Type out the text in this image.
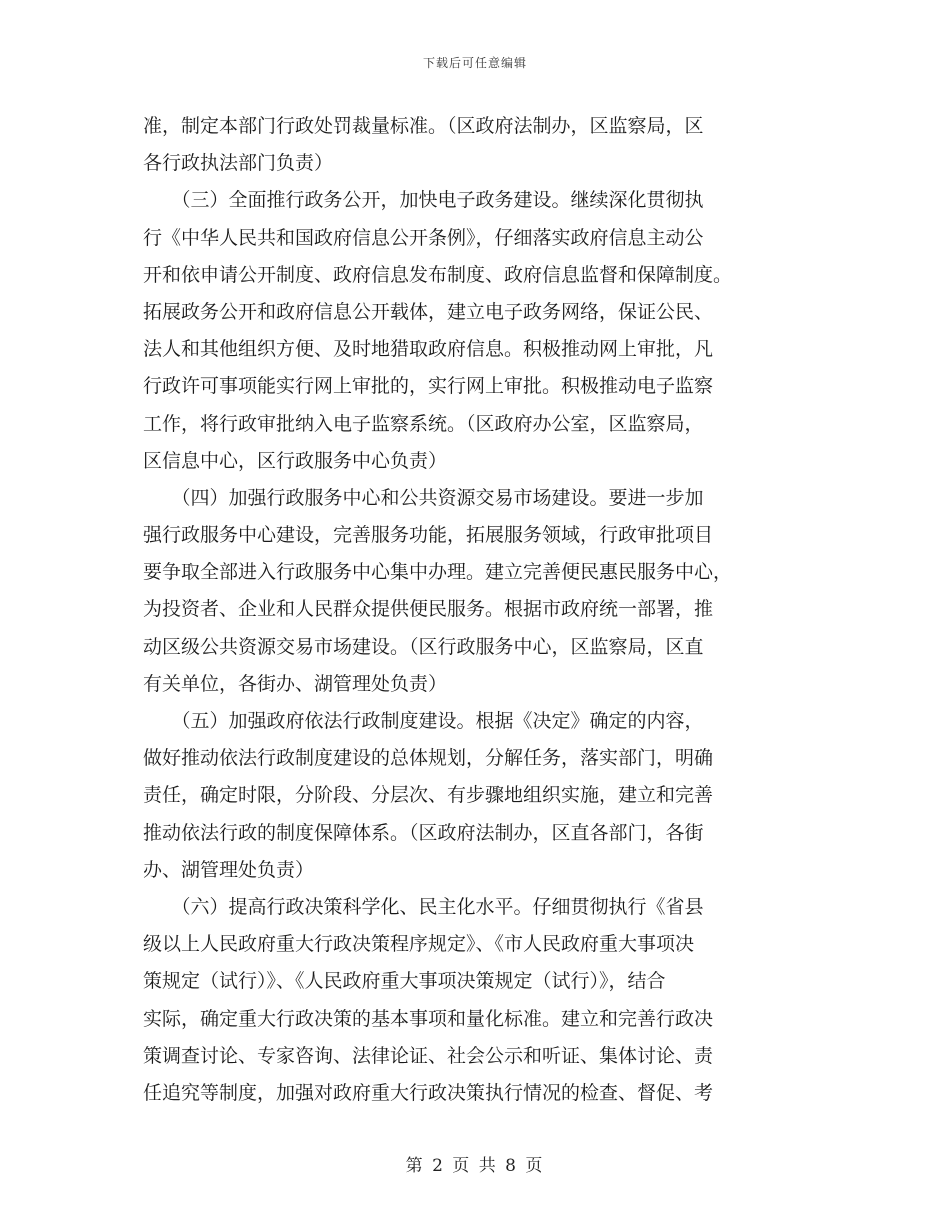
下载后可任意编辑
准，制定本部门行政处罚裁量标准。（区政府法制办，区监察局，区
各行政执法部门负责）
　　（三）全面推行政务公开，加快电子政务建设。继续深化贯彻执
行《中华人民共和国政府信息公开条例》，仔细落实政府信息主动公
开和依申请公开制度、政府信息发布制度、政府信息监督和保障制度。
拓展政务公开和政府信息公开载体，建立电子政务网络，保证公民、
法人和其他组织方便、及时地猎取政府信息。积极推动网上审批，凡
行政许可事项能实行网上审批的，实行网上审批。积极推动电子监察
工作，将行政审批纳入电子监察系统。（区政府办公室，区监察局，
区信息中心，区行政服务中心负责）
　　（四）加强行政服务中心和公共资源交易市场建设。要进一步加
强行政服务中心建设，完善服务功能，拓展服务领域，行政审批项目
要争取全部进入行政服务中心集中办理。建立完善便民惠民服务中心，
为投资者、企业和人民群众提供便民服务。根据市政府统一部署，推
动区级公共资源交易市场建设。（区行政服务中心，区监察局，区直
有关单位，各街办、湖管理处负责）
　　（五）加强政府依法行政制度建设。根据《决定》确定的内容，
做好推动依法行政制度建设的总体规划，分解任务，落实部门，明确
责任，确定时限，分阶段、分层次、有步骤地组织实施，建立和完善
推动依法行政的制度保障体系。（区政府法制办，区直各部门，各街
办、湖管理处负责）
　　（六）提高行政决策科学化、民主化水平。仔细贯彻执行《省县
级以上人民政府重大行政决策程序规定》、《市人民政府重大事项决
策规定（试行）》、《人民政府重大事项决策规定（试行）》，结合
实际，确定重大行政决策的基本事项和量化标准。建立和完善行政决
策调查讨论、专家咨询、法律论证、社会公示和听证、集体讨论、责
任追究等制度，加强对政府重大行政决策执行情况的检查、督促、考
第 2 页 共 8 页
